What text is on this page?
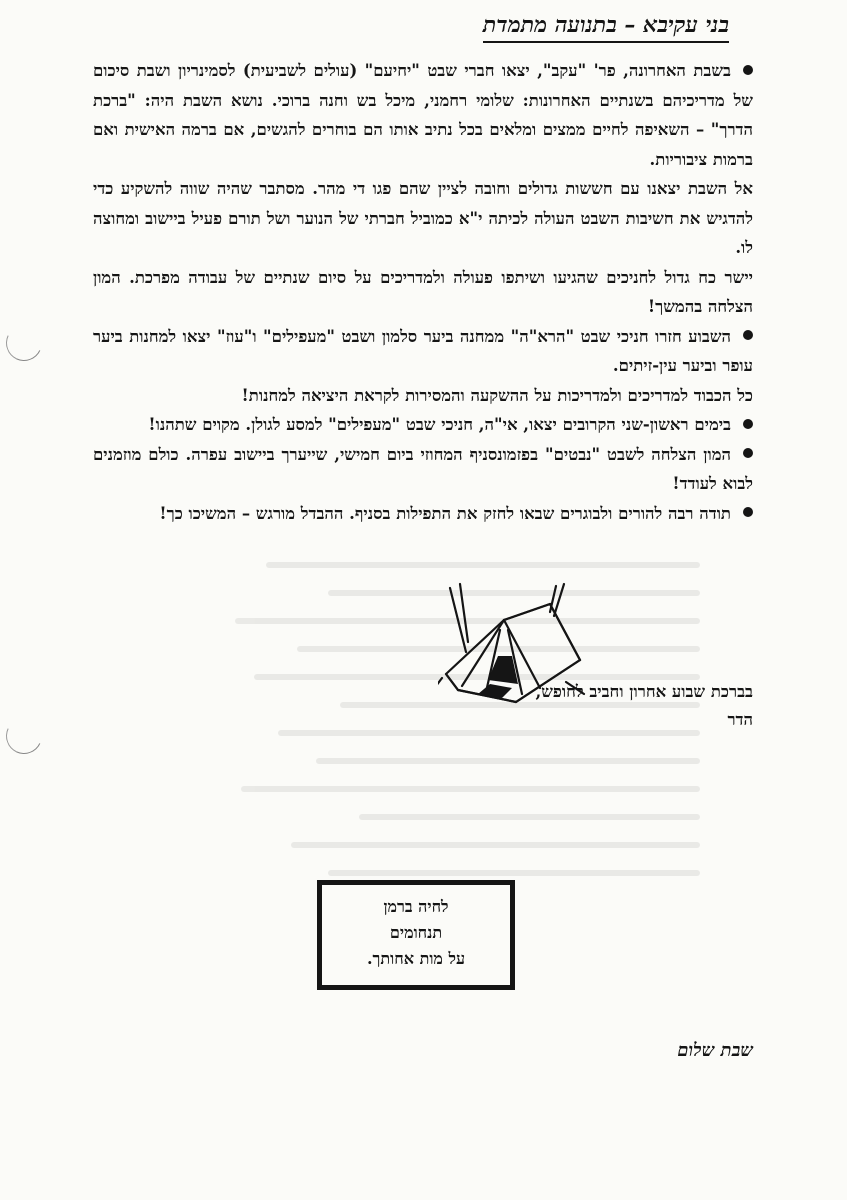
בני עקיבא – בתנועה מתמדת

בשבת האחרונה, פר' "עקב", יצאו חברי שבט "יחיעם" (עולים לשביעית) לסמינריון ושבת סיכום של מדריכיהם בשנתיים האחרונות: שלומי רחמני, מיכל בש וחנה ברוכי. נושא השבת היה: "ברכת הדרך" – השאיפה לחיים ממצים ומלאים בכל נתיב אותו הם בוחרים להגשים, אם ברמה האישית ואם ברמות ציבוריות.

אל השבת יצאנו עם חששות גדולים וחובה לציין שהם פגו די מהר. מסתבר שהיה שווה להשקיע כדי להדגיש את חשיבות השבט העולה לכיתה י"א כמוביל חברתי של הנוער ושל תורם פעיל ביישוב ומחוצה לו.

יישר כח גדול לחניכים שהגיעו ושיתפו פעולה ולמדריכים על סיום שנתיים של עבודה מפרכת. המון הצלחה בהמשך!

השבוע חזרו חניכי שבט "הרא"ה" ממחנה ביער סלמון ושבט "מעפילים" ו"עוז" יצאו למחנות ביער עופר וביער עין-זיתים.

כל הכבוד למדריכים ולמדריכות על ההשקעה והמסירות לקראת היציאה למחנות!

בימים ראשון-שני הקרובים יצאו, אי"ה, חניכי שבט "מעפילים" למסע לגולן. מקוים שתהנו!

המון הצלחה לשבט "נבטים" בפזמונסניף המחוזי ביום חמישי, שייערך ביישוב עפרה. כולם מוזמנים לבוא לעודד!

תודה רבה להורים ולבוגרים שבאו לחזק את התפילות בסניף. ההבדל מורגש – המשיכו כך!

בברכת שבוע אחרון וחביב לחופש,
הדר
לחיה ברמן
תנחומים
על מות אחותך.
שבת שלום
